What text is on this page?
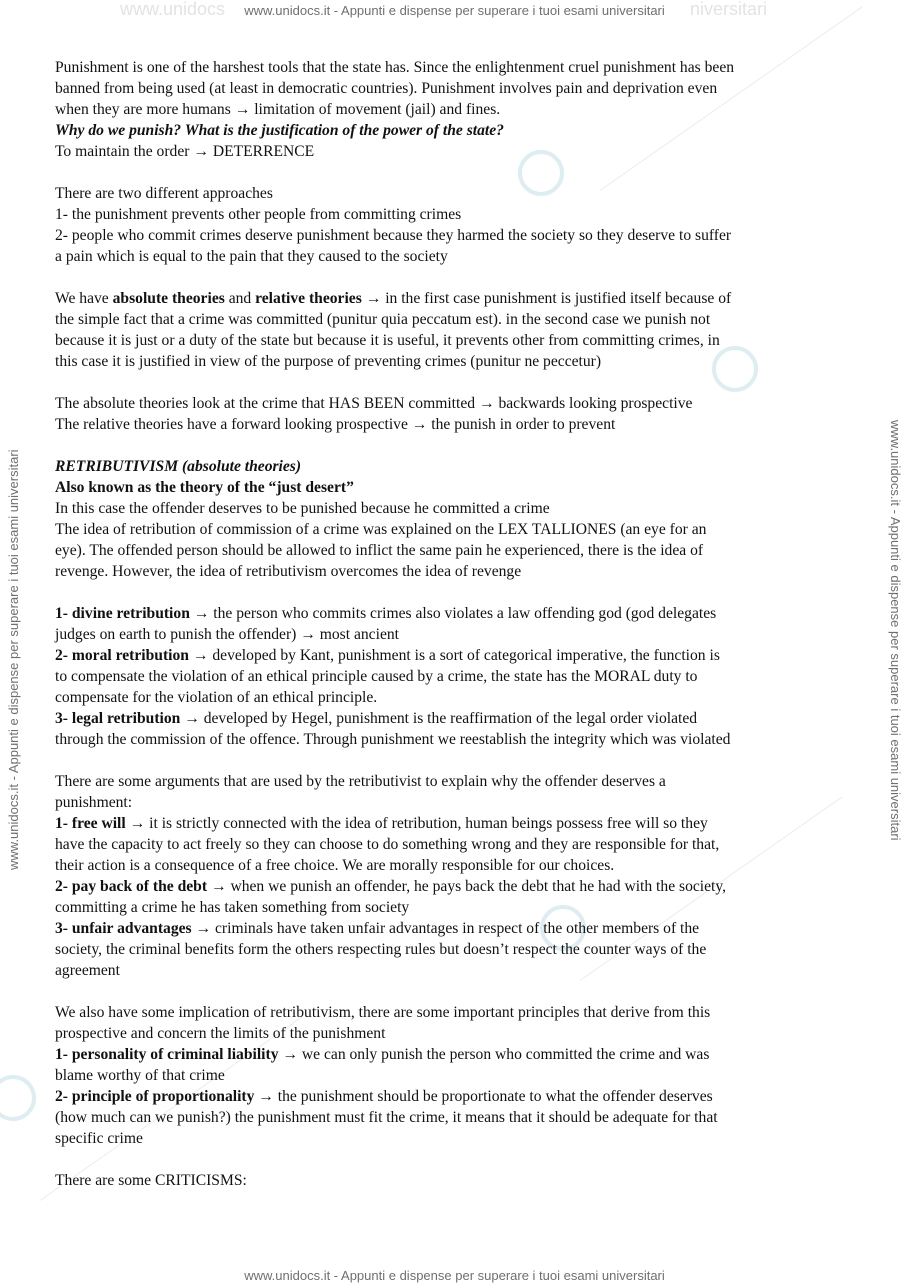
www.unidocs www.unidocs.it - Appunti e dispense per superare i tuoi esami universitari niversitari
www.unidocs.it - Appunti e dispense per superare i tuoi esami universitari
www.unidocs.it - Appunti e dispense per superare i tuoi esami universitari	www.unidocs.it - Appunti e dispense per superare i tuoi esami universitari
Punishment is one of the harshest tools that the state has. Since the enlightenment cruel punishment has been
banned from being used (at least in democratic countries). Punishment involves pain and deprivation even
when they are more humans → limitation of movement (jail) and fines.
Why do we punish? What is the justification of the power of the state?
To maintain the order → DETERRENCE
There are two different approaches
1- the punishment prevents other people from committing crimes
2- people who commit crimes deserve punishment because they harmed the society so they deserve to suffer
a pain which is equal to the pain that they caused to the society
We have absolute theories and relative theories → in the first case punishment is justified itself because of
the simple fact that a crime was committed (punitur quia peccatum est). in the second case we punish not
because it is just or a duty of the state but because it is useful, it prevents other from committing crimes, in
this case it is justified in view of the purpose of preventing crimes (punitur ne peccetur)
The absolute theories look at the crime that HAS BEEN committed → backwards looking prospective
The relative theories have a forward looking prospective → the punish in order to prevent
RETRIBUTIVISM (absolute theories)
Also known as the theory of the “just desert”
In this case the offender deserves to be punished because he committed a crime
The idea of retribution of commission of a crime was explained on the LEX TALLIONES (an eye for an
eye). The offended person should be allowed to inflict the same pain he experienced, there is the idea of
revenge. However, the idea of retributivism overcomes the idea of revenge
1- divine retribution → the person who commits crimes also violates a law offending god (god delegates
judges on earth to punish the offender) → most ancient
2- moral retribution → developed by Kant, punishment is a sort of categorical imperative, the function is
to compensate the violation of an ethical principle caused by a crime, the state has the MORAL duty to
compensate for the violation of an ethical principle.
3- legal retribution → developed by Hegel, punishment is the reaffirmation of the legal order violated
through the commission of the offence. Through punishment we reestablish the integrity which was violated
There are some arguments that are used by the retributivist to explain why the offender deserves a
punishment:
1- free will → it is strictly connected with the idea of retribution, human beings possess free will so they
have the capacity to act freely so they can choose to do something wrong and they are responsible for that,
their action is a consequence of a free choice. We are morally responsible for our choices.
2- pay back of the debt → when we punish an offender, he pays back the debt that he had with the society,
committing a crime he has taken something from society
3- unfair advantages → criminals have taken unfair advantages in respect of the other members of the
society, the criminal benefits form the others respecting rules but doesn’t respect the counter ways of the
agreement
We also have some implication of retributivism, there are some important principles that derive from this
prospective and concern the limits of the punishment
1- personality of criminal liability → we can only punish the person who committed the crime and was
blame worthy of that crime
2- principle of proportionality → the punishment should be proportionate to what the offender deserves
(how much can we punish?) the punishment must fit the crime, it means that it should be adequate for that
specific crime
There are some CRITICISMS:
